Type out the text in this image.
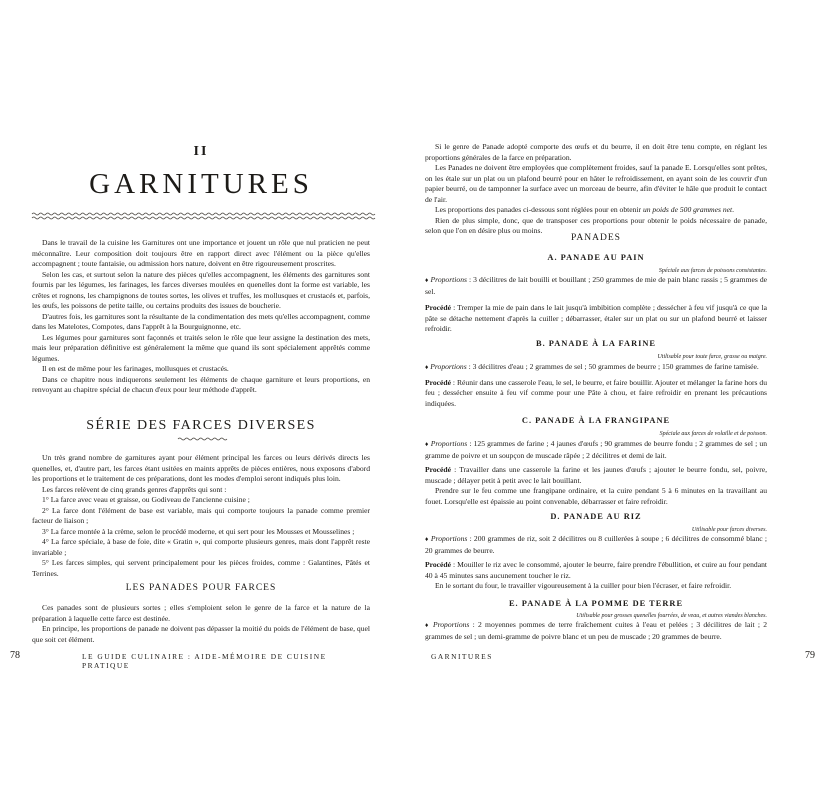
II
GARNITURES

Dans le travail de la cuisine les Garnitures ont une importance et jouent un rôle que nul praticien ne peut méconnaître. Leur composition doit toujours être en rapport direct avec l'élément ou la pièce qu'elles accompagnent ; toute fantaisie, ou admission hors nature, doivent en être rigoureusement proscrites.

Selon les cas, et surtout selon la nature des pièces qu'elles accompagnent, les éléments des garnitures sont fournis par les légumes, les farinages, les farces diverses moulées en quenelles dont la forme est variable, les crêtes et rognons, les champignons de toutes sortes, les olives et truffes, les mollusques et crustacés et, parfois, les œufs, les poissons de petite taille, ou certains produits des issues de boucherie.

D'autres fois, les garnitures sont la résultante de la condimentation des mets qu'elles accompagnent, comme dans les Matelotes, Compotes, dans l'apprêt à la Bourguignonne, etc.

Les légumes pour garnitures sont façonnés et traités selon le rôle que leur assigne la destination des mets, mais leur préparation définitive est généralement la même que quand ils sont spécialement apprêtés comme légumes.

Il en est de même pour les farinages, mollusques et crustacés.

Dans ce chapitre nous indiquerons seulement les éléments de chaque garniture et leurs proportions, en renvoyant au chapitre spécial de chacun d'eux pour leur méthode d'apprêt.

SÉRIE DES FARCES DIVERSES

Un très grand nombre de garnitures ayant pour élément principal les farces ou leurs dérivés directs les quenelles, et, d'autre part, les farces étant usitées en maints apprêts de pièces entières, nous exposons d'abord les proportions et le traitement de ces préparations, dont les modes d'emploi seront indiqués plus loin.

Les farces relèvent de cinq grands genres d'apprêts qui sont :

1° La farce avec veau et graisse, ou Godiveau de l'ancienne cuisine ;

2° La farce dont l'élément de base est variable, mais qui comporte toujours la panade comme premier facteur de liaison ;

3° La farce montée à la crème, selon le procédé moderne, et qui sert pour les Mousses et Mousselines ;

4° La farce spéciale, à base de foie, dite « Gratin », qui comporte plusieurs genres, mais dont l'apprêt reste invariable ;

5° Les farces simples, qui servent principalement pour les pièces froides, comme : Galantines, Pâtés et Terrines.

LES PANADES POUR FARCES

Ces panades sont de plusieurs sortes ; elles s'emploient selon le genre de la farce et la nature de la préparation à laquelle cette farce est destinée.

En principe, les proportions de panade ne doivent pas dépasser la moitié du poids de l'élément de base, quel que soit cet élément.

78	LE GUIDE CULINAIRE : AIDE-MÉMOIRE DE CUISINE PRATIQUE

Si le genre de Panade adopté comporte des œufs et du beurre, il en doit être tenu compte, en réglant les proportions générales de la farce en préparation.

Les Panades ne doivent être employées que complètement froides, sauf la panade E. Lorsqu'elles sont prêtes, on les étale sur un plat ou un plafond beurré pour en hâter le refroidissement, en ayant soin de les couvrir d'un papier beurré, ou de tamponner la surface avec un morceau de beurre, afin d'éviter le hâle que produit le contact de l'air.

Les proportions des panades ci-dessous sont réglées pour en obtenir un poids de 500 grammes net.

Rien de plus simple, donc, que de transposer ces proportions pour obtenir le poids nécessaire de panade, selon que l'on en désire plus ou moins.

PANADES
A. PANADE AU PAIN
Spéciale aux farces de poissons consistantes.

♦ Proportions : 3 décilitres de lait bouilli et bouillant ; 250 grammes de mie de pain blanc rassis ; 5 grammes de sel.

Procédé : Tremper la mie de pain dans le lait jusqu'à imbibition complète ; dessécher à feu vif jusqu'à ce que la pâte se détache nettement d'après la cuiller ; débarrasser, étaler sur un plat ou sur un plafond beurré et laisser refroidir.

B. PANADE À LA FARINE
Utilisable pour toute farce, grasse ou maigre.

♦ Proportions : 3 décilitres d'eau ; 2 grammes de sel ; 50 grammes de beurre ; 150 grammes de farine tamisée.

Procédé : Réunir dans une casserole l'eau, le sel, le beurre, et faire bouillir. Ajouter et mélanger la farine hors du feu ; dessécher ensuite à feu vif comme pour une Pâte à chou, et faire refroidir en prenant les précautions indiquées.

C. PANADE À LA FRANGIPANE
Spéciale aux farces de volaille et de poisson.

♦ Proportions : 125 grammes de farine ; 4 jaunes d'œufs ; 90 grammes de beurre fondu ; 2 grammes de sel ; un gramme de poivre et un soupçon de muscade râpée ; 2 décilitres et demi de lait.

Procédé : Travailler dans une casserole la farine et les jaunes d'œufs ; ajouter le beurre fondu, sel, poivre, muscade ; délayer petit à petit avec le lait bouillant.

Prendre sur le feu comme une frangipane ordinaire, et la cuire pendant 5 à 6 minutes en la travaillant au fouet. Lorsqu'elle est épaissie au point convenable, débarrasser et faire refroidir.

D. PANADE AU RIZ
Utilisable pour farces diverses.

♦ Proportions : 200 grammes de riz, soit 2 décilitres ou 8 cuillerées à soupe ; 6 décilitres de consommé blanc ; 20 grammes de beurre.

Procédé : Mouiller le riz avec le consommé, ajouter le beurre, faire prendre l'ébullition, et cuire au four pendant 40 à 45 minutes sans aucunement toucher le riz.

En le sortant du four, le travailler vigoureusement à la cuiller pour bien l'écraser, et faire refroidir.

E. PANADE À LA POMME DE TERRE
Utilisable pour grosses quenelles fourrées, de veau, et autres viandes blanches.

♦ Proportions : 2 moyennes pommes de terre fraîchement cuites à l'eau et pelées ; 3 décilitres de lait ; 2 grammes de sel ; un demi-gramme de poivre blanc et un peu de muscade ; 20 grammes de beurre.

GARNITURES	79
